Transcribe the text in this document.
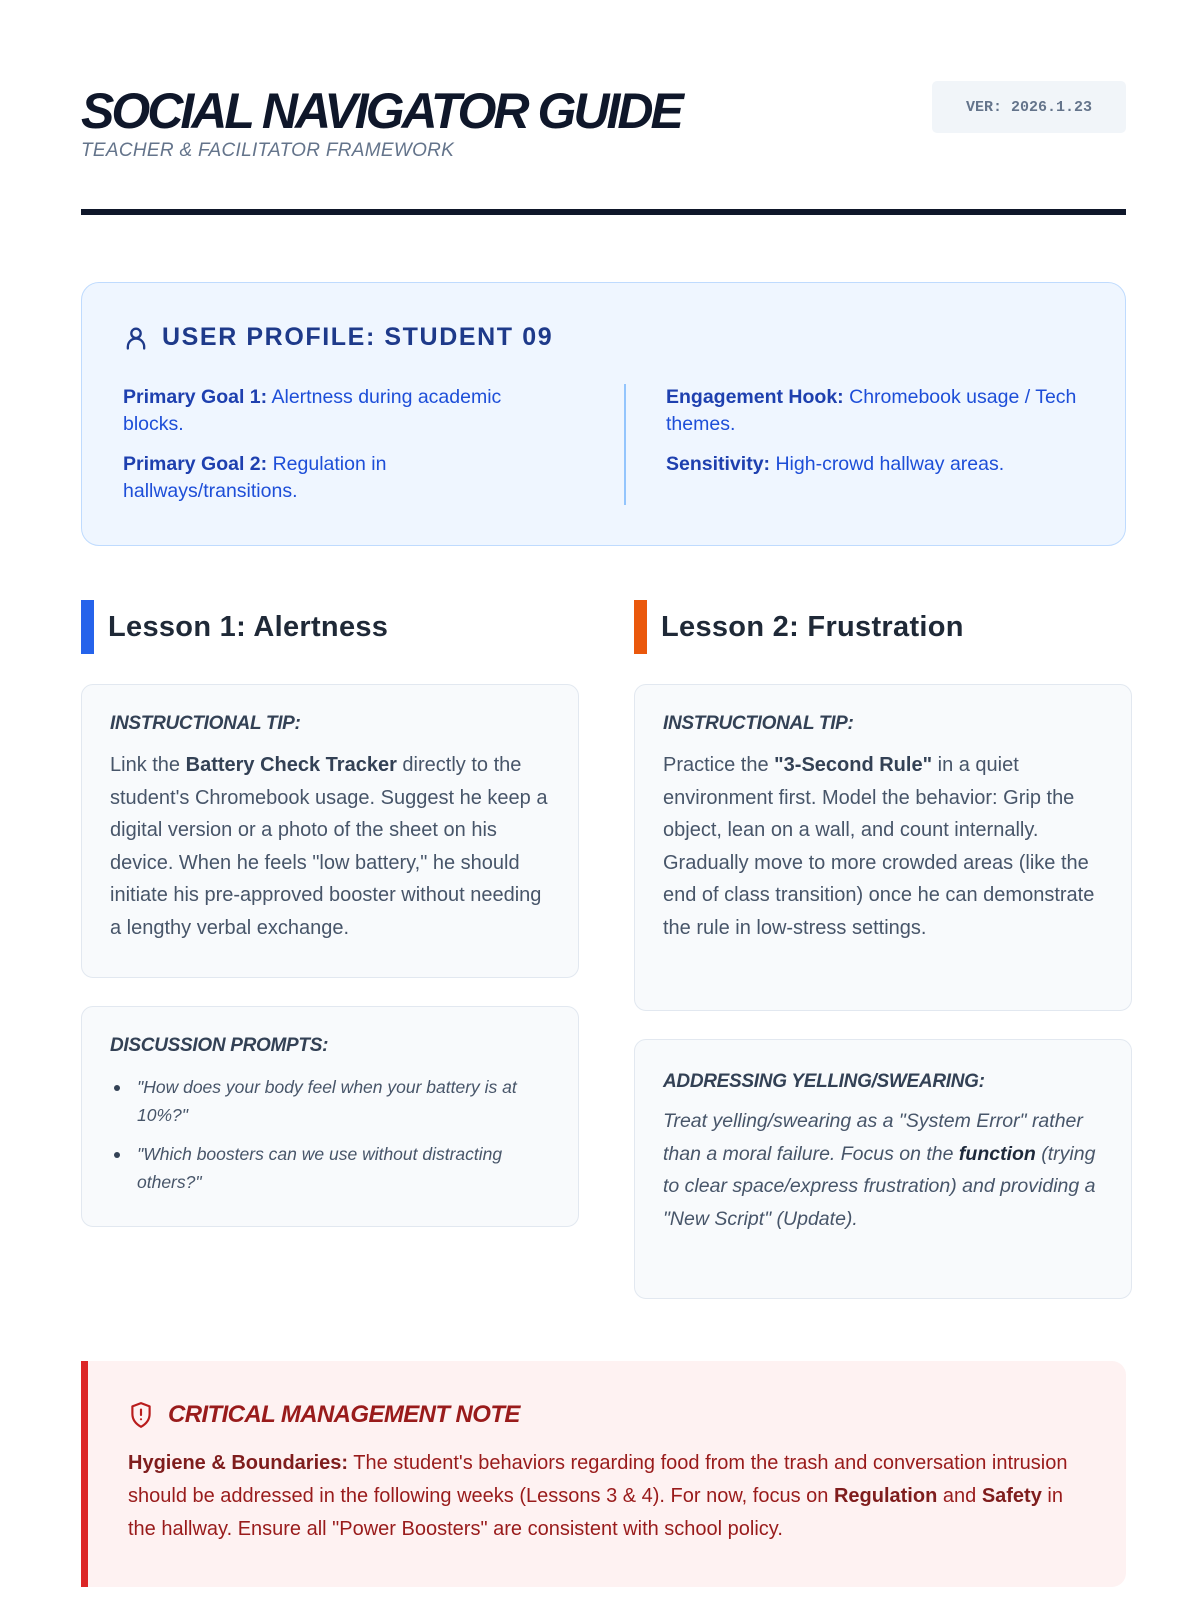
SOCIAL NAVIGATOR GUIDE
TEACHER & FACILITATOR FRAMEWORK
VER: 2026.1.23
USER PROFILE: STUDENT 09

Primary Goal 1: Alertness during academic blocks.

Primary Goal 2: Regulation in hallways/transitions.

Engagement Hook: Chromebook usage / Tech themes.

Sensitivity: High-crowd hallway areas.

Lesson 1: Alertness
INSTRUCTIONAL TIP:
Link the Battery Check Tracker directly to the student's Chromebook usage. Suggest he keep a digital version or a photo of the sheet on his device. When he feels "low battery," he should initiate his pre-approved booster without needing a lengthy verbal exchange.
DISCUSSION PROMPTS:
"How does your body feel when your battery is at 10%?"
"Which boosters can we use without distracting others?"
Lesson 2: Frustration
INSTRUCTIONAL TIP:
Practice the "3-Second Rule" in a quiet environment first. Model the behavior: Grip the object, lean on a wall, and count internally. Gradually move to more crowded areas (like the end of class transition) once he can demonstrate the rule in low-stress settings.
ADDRESSING YELLING/SWEARING:
Treat yelling/swearing as a "System Error" rather than a moral failure. Focus on the function (trying to clear space/express frustration) and providing a "New Script" (Update).
CRITICAL MANAGEMENT NOTE
Hygiene & Boundaries: The student's behaviors regarding food from the trash and conversation intrusion should be addressed in the following weeks (Lessons 3 & 4). For now, focus on Regulation and Safety in the hallway. Ensure all "Power Boosters" are consistent with school policy.
